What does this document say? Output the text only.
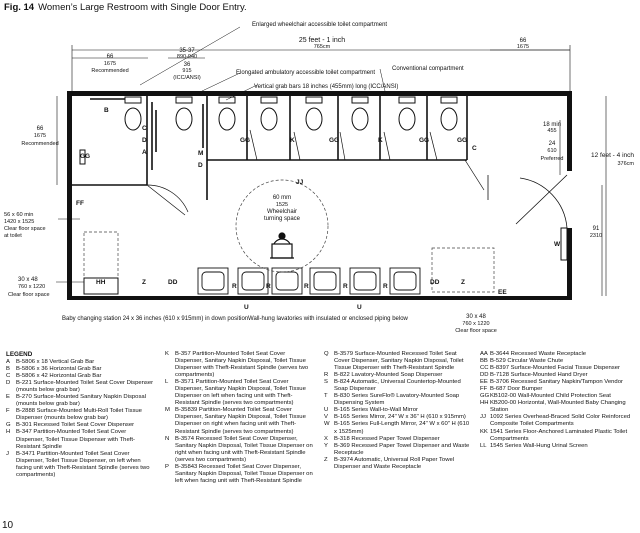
Fig. 14 Women’s Large Restroom with Single Door Entry.
Enlarged wheelchair accessible toilet compartment
Elongated ambulatory accessible toilet compartment
Vertical grab bars 18 inches (455mm) long (ICC/ANSI)
Conventional compartment
60 mm
1525
Wheelchair
turning space
Baby changing station 24 x 36 inches (610 x 915mm) in down position Wall-hung lavatories with insulated or enclosed piping below
25 feet - 1 inch
765cm
66
1675
Recommended
35-37
890-940
36
915
(ICC/ANSI)
66
1675
66
1675
Recommended
18 min
455
24
610
Preferred	12 feet - 4 inch
376cm
91
2310
56 x 60 min
1420 x 1525
Clear floor space
at toilet
30 x 48
760 x 1220
Clear floor space
30 x 48
760 x 1220
Clear floor space
GG
B
C
D
A	M
D
GG	K	GG	K	GG	GG
C
JJ
FF
HH	Z	DD
R
U
R	R	R
U
R
DD	Z
EE
W
LEGEND
A	B-5806 x 18 Vertical Grab Bar
B	B-5806 x 36 Horizontal Grab Bar
C B-5806 x 42 Horizontal Grab Bar
D B-221 Surface-Mounted Toilet Seat Cover Dispenser (mounts below grab bar)
E	B-270 Surface-Mounted Sanitary Napkin Disposal (mounts below grab bar)
F	B-2888 Surface-Mounted Multi-Roll Toilet Tissue Dispenser (mounts below grab bar)
G B-301 Recessed Toilet Seat Cover Dispenser
H B-347 Partition-Mounted Toilet Seat Cover Dispenser, Toilet Tissue Dispenser with Theft-Resistant Spindle
J	B-3471 Partition-Mounted Toilet Seat Cover Dispenser, Toilet Tissue Dispenser, on left when facing unit with Theft-Resistant Spindle (serves two compartments)
K	B-357 Partition-Mounted Toilet Seat Cover Dispenser, Sanitary Napkin Disposal, Toilet Tissue Dispenser with Theft-Resistant Spindle (serves two compartments)
L	B-3571 Partition-Mounted Toilet Seat Cover Dispenser, Sanitary Napkin Disposal, Toilet Tissue Dispenser on left when facing unit with Theft-Resistant Spindle (serves two compartments)
M B-35839 Partition-Mounted Toilet Seat Cover Dispenser, Sanitary Napkin Disposal, Toilet Tissue Dispenser on right when facing unit with Theft-Resistant Spindle (serves two compartments)
N B-3574 Recessed Toilet Seat Cover Dispenser, Sanitary Napkin Disposal, Toilet Tissue Dispenser on right when facing unit with Theft-Resistant Spindle (serves two compartments)
P	B-35843 Recessed Toilet Seat Cover Dispenser, Sanitary Napkin Disposal, Toilet Tissue Dispenser on left when facing unit with Theft-Resistant Spindle
Q B-3579 Surface-Mounted Recessed Toilet Seat Cover Dispenser, Sanitary Napkin Disposal, Toilet Tissue Dispenser with Theft-Resistant Spindle
R B-822 Lavatory-Mounted Soap Dispenser
S	B-824 Automatic, Universal Countertop-Mounted Soap Dispenser
T	B-830 Series SureFlo® Lavatory-Mounted Soap Dispensing System
U B-165 Series Wall-to-Wall Mirror
V	B-165 Series Mirror, 24" W x 36" H (610 x 915mm)
W B-165 Series Full-Length Mirror, 24" W x 60" H (610 x 1525mm)
X	B-318 Recessed Paper Towel Dispenser
Y	B-369 Recessed Paper Towel Dispenser and Waste Receptacle
Z	B-3974 Automatic, Universal Roll Paper Towel Dispenser and Waste Receptacle
AA B-3644 Recessed Waste Receptacle
BB B-529 Circular Waste Chute
CC B-8397 Surface-Mounted Facial Tissue Dispenser
DD B-7128 Surface-Mounted Hand Dryer
EE B-3706 Recessed Sanitary Napkin/Tampon Vendor
FF B-687 Door Bumper
GG KB102-00 Wall-Mounted Child Protection Seat
HH KB200-00 Horizontal, Wall-Mounted Baby Changing Station
JJ 1092 Series Overhead-Braced Solid Color Reinforced Composite Toilet Compartments
KK 1541 Series Floor-Anchored Laminated Plastic Toilet Compartments
LL 1545 Series Wall-Hung Urinal Screen
10
